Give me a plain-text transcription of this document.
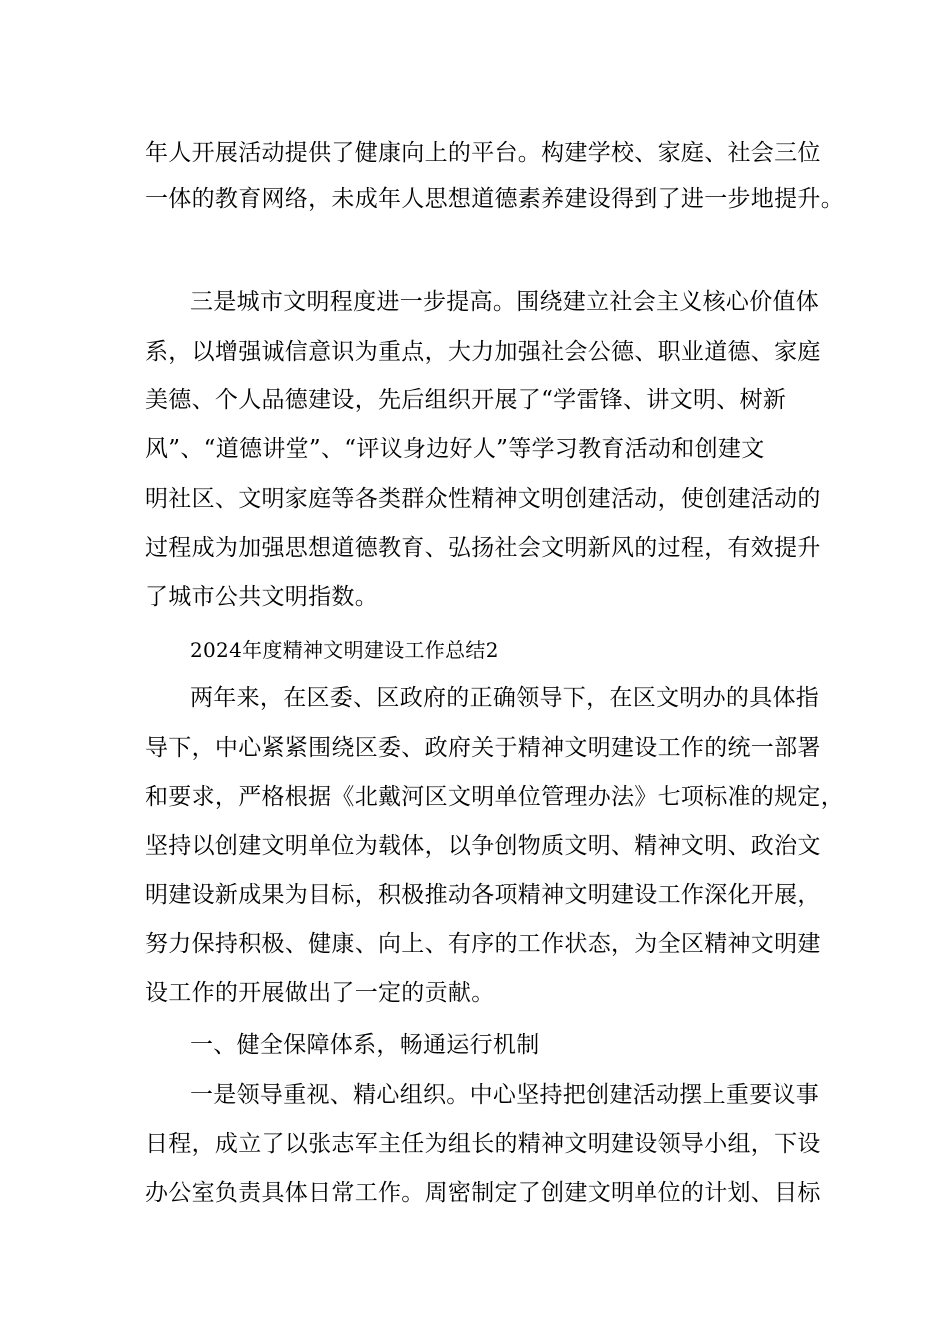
年人开展活动提供了健康向上的平台。构建学校、家庭、社会三位
一体的教育网络，未成年人思想道德素养建设得到了进一步地提升。
三是城市文明程度进一步提高。围绕建立社会主义核心价值体
系，以增强诚信意识为重点，大力加强社会公德、职业道德、家庭
美德、个人品德建设，先后组织开展了“学雷锋、讲文明、树新
风”、“道德讲堂”、“评议身边好人”等学习教育活动和创建文
明社区、文明家庭等各类群众性精神文明创建活动，使创建活动的
过程成为加强思想道德教育、弘扬社会文明新风的过程，有效提升
了城市公共文明指数。
2024年度精神文明建设工作总结2
两年来，在区委、区政府的正确领导下，在区文明办的具体指
导下，中心紧紧围绕区委、政府关于精神文明建设工作的统一部署
和要求，严格根据《北戴河区文明单位管理办法》七项标准的规定，
坚持以创建文明单位为载体，以争创物质文明、精神文明、政治文
明建设新成果为目标，积极推动各项精神文明建设工作深化开展，
努力保持积极、健康、向上、有序的工作状态，为全区精神文明建
设工作的开展做出了一定的贡献。
一、健全保障体系，畅通运行机制
一是领导重视、精心组织。中心坚持把创建活动摆上重要议事
日程，成立了以张志军主任为组长的精神文明建设领导小组，下设
办公室负责具体日常工作。周密制定了创建文明单位的计划、目标
